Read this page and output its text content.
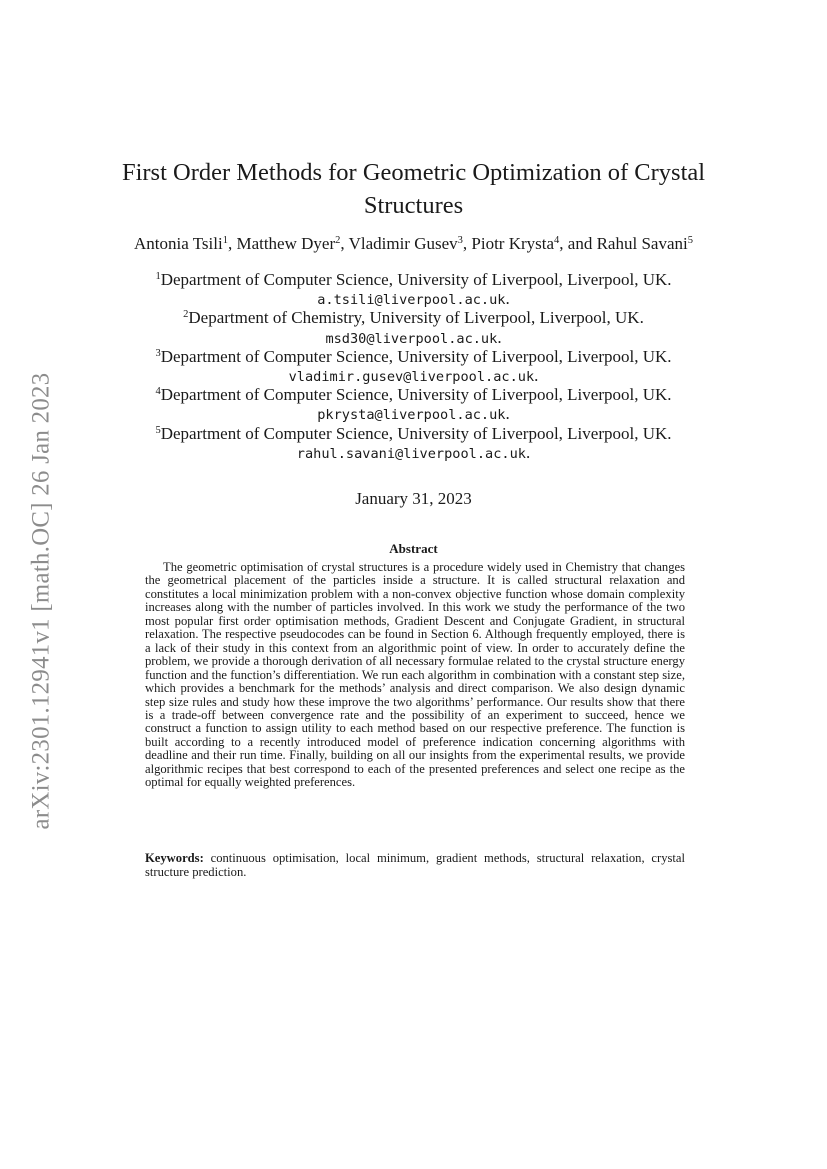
arXiv:2301.12941v1 [math.OC] 26 Jan 2023
First Order Methods for Geometric Optimization of Crystal Structures
Antonia Tsili$^1$, Matthew Dyer$^2$, Vladimir Gusev$^3$, Piotr Krysta$^4$, and Rahul Savani$^5$
$^1$Department of Computer Science, University of Liverpool, Liverpool, UK.
a.tsili@liverpool.ac.uk.
$^2$Department of Chemistry, University of Liverpool, Liverpool, UK.
msd30@liverpool.ac.uk.
$^3$Department of Computer Science, University of Liverpool, Liverpool, UK.
vladimir.gusev@liverpool.ac.uk.
$^4$Department of Computer Science, University of Liverpool, Liverpool, UK.
pkrysta@liverpool.ac.uk.
$^5$Department of Computer Science, University of Liverpool, Liverpool, UK.
rahul.savani@liverpool.ac.uk.
January 31, 2023
Abstract

The geometric optimisation of crystal structures is a procedure widely used in Chemistry that changes the geometrical placement of the particles inside a structure. It is called structural relaxation and constitutes a local minimization problem with a non-convex objective function whose domain complexity increases along with the number of particles involved. In this work we study the performance of the two most popular first order optimisation methods, Gradient Descent and Conjugate Gradient, in structural relaxation. The respective pseudocodes can be found in Section 6. Although frequently employed, there is a lack of their study in this context from an algorithmic point of view. In order to accurately define the problem, we provide a thorough derivation of all necessary formulae related to the crystal structure energy function and the function’s differentiation. We run each algorithm in combination with a constant step size, which provides a benchmark for the methods’ analysis and direct comparison. We also design dynamic step size rules and study how these improve the two algorithms’ performance. Our results show that there is a trade-off between convergence rate and the possibility of an experiment to succeed, hence we construct a function to assign utility to each method based on our respective preference. The function is built according to a recently introduced model of preference indication concerning algorithms with deadline and their run time. Finally, building on all our insights from the experimental results, we provide algorithmic recipes that best correspond to each of the presented preferences and select one recipe as the optimal for equally weighted preferences.

Keywords: continuous optimisation, local minimum, gradient methods, structural relaxation, crystal structure prediction.
